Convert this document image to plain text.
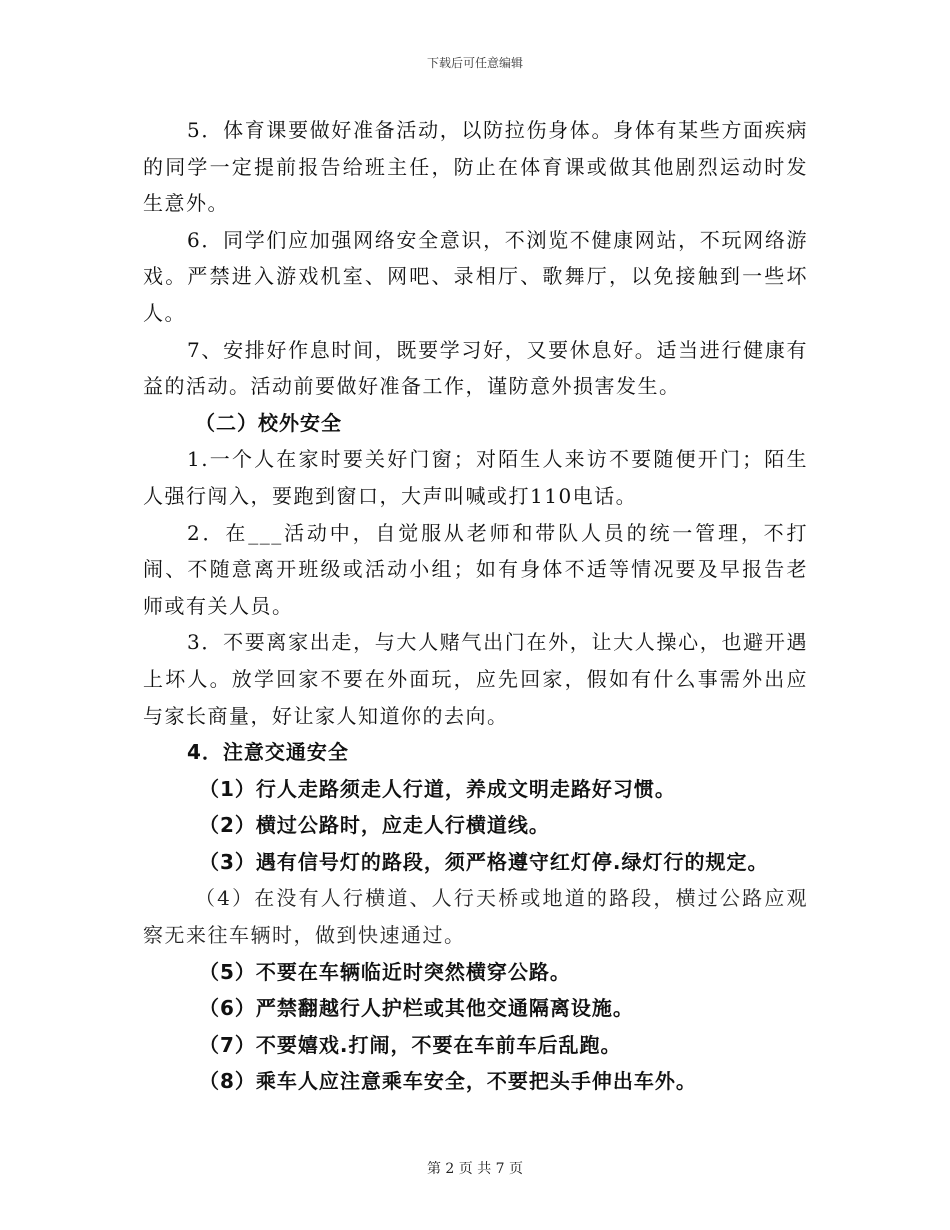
下载后可任意编辑

5．体育课要做好准备活动，以防拉伤身体。身体有某些方面疾病的同学一定提前报告给班主任，防止在体育课或做其他剧烈运动时发生意外。

6．同学们应加强网络安全意识，不浏览不健康网站，不玩网络游戏。严禁进入游戏机室、网吧、录相厅、歌舞厅，以免接触到一些坏人。

7、安排好作息时间，既要学习好，又要休息好。适当进行健康有益的活动。活动前要做好准备工作，谨防意外损害发生。

（二）校外安全

1.一个人在家时要关好门窗；对陌生人来访不要随便开门；陌生人强行闯入，要跑到窗口，大声叫喊或打110电话。

2．在___活动中，自觉服从老师和带队人员的统一管理，不打闹、不随意离开班级或活动小组；如有身体不适等情况要及早报告老师或有关人员。

3．不要离家出走，与大人赌气出门在外，让大人操心，也避开遇上坏人。放学回家不要在外面玩，应先回家，假如有什么事需外出应与家长商量，好让家人知道你的去向。

4．注意交通安全

（1）行人走路须走人行道，养成文明走路好习惯。

（2）横过公路时，应走人行横道线。

（3）遇有信号灯的路段，须严格遵守红灯停.绿灯行的规定。

（4）在没有人行横道、人行天桥或地道的路段，横过公路应观察无来往车辆时，做到快速通过。

（5）不要在车辆临近时突然横穿公路。

（6）严禁翻越行人护栏或其他交通隔离设施。

（7）不要嬉戏.打闹，不要在车前车后乱跑。

（8）乘车人应注意乘车安全，不要把头手伸出车外。

第 2 页 共 7 页
